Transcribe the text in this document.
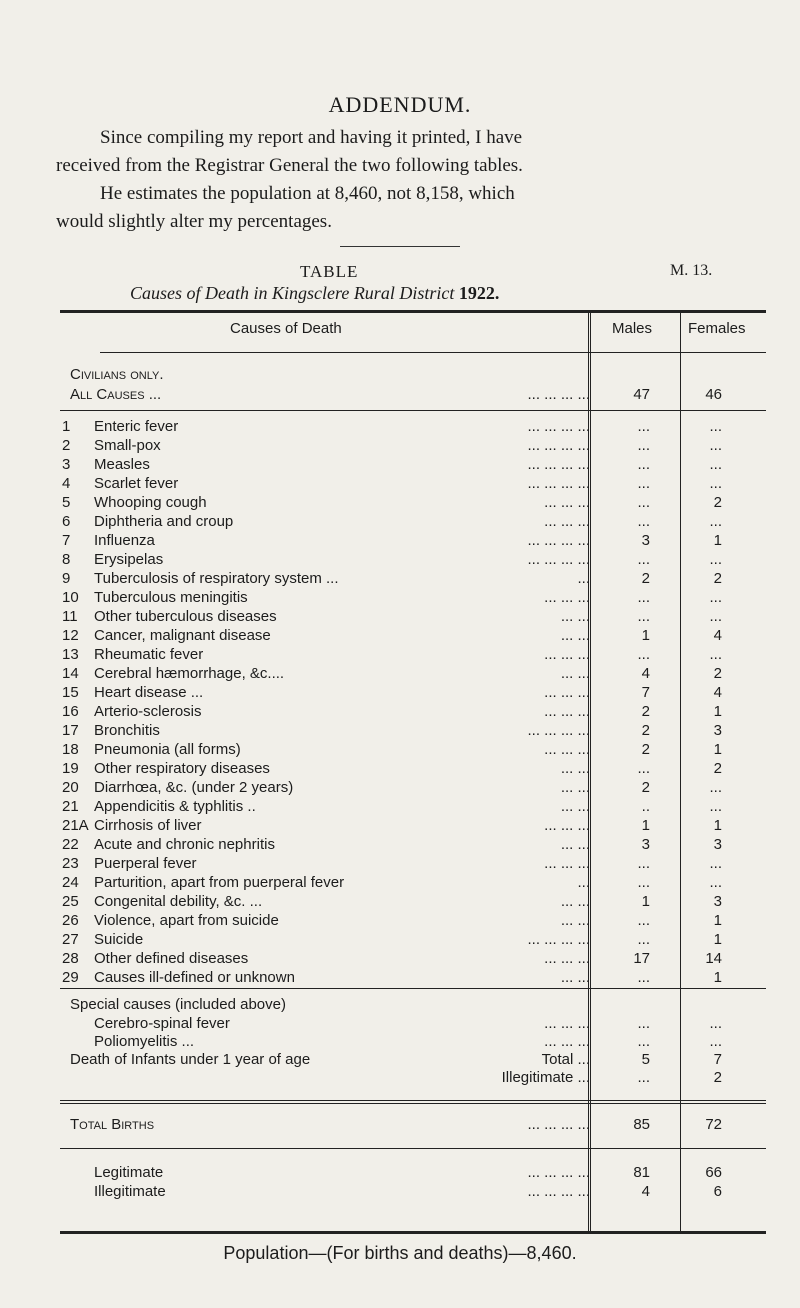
ADDENDUM.
Since compiling my report and having it printed, I have
received from the Registrar General the two following tables.
He estimates the population at 8,460, not 8,158, which
would slightly alter my percentages.
TABLE	M. 13.
Causes of Death in Kingsclere Rural District 1922.
Causes of Death	Males Females
Civilians only.
All Causes ...	... ... ... ...	47	46
1	Enteric fever	... ... ... ...	...	...
2	Small-pox	... ... ... ...	...	...
3	Measles	... ... ... ...	...	...
4	Scarlet fever	... ... ... ...	...	...
5	Whooping cough	... ... ...	...	2
6	Diphtheria and croup	... ... ...	...	...
7	Influenza	... ... ... ...	3	1
8	Erysipelas	... ... ... ...	...	...
9	Tuberculosis of respiratory system ...	...	2	2
10	Tuberculous meningitis	... ... ...	...	...
11	Other tuberculous diseases	... ...	...	...
12	Cancer, malignant disease	... ...	1	4
13	Rheumatic fever	... ... ...	...	...
14	Cerebral hæmorrhage, &c....	... ...	4	2
15	Heart disease ...	... ... ...	7	4
16	Arterio-sclerosis	... ... ...	2	1
17	Bronchitis	... ... ... ...	2	3
18	Pneumonia (all forms)	... ... ...	2	1
19	Other respiratory diseases	... ...	...	2
20	Diarrhœa, &c. (under 2 years)	... ...	2	...
21	Appendicitis & typhlitis ..	... ...	..	...
21A Cirrhosis of liver	... ... ...	1	1
22	Acute and chronic nephritis	... ...	3	3
23	Puerperal fever	... ... ...	...	...
24	Parturition, apart from puerperal fever	...	...	...
25	Congenital debility, &c. ...	... ...	1	3
26	Violence, apart from suicide	... ...	...	1
27	Suicide	... ... ... ...	...	1
28	Other defined diseases	... ... ...	17	14
29	Causes ill-defined or unknown	... ...	...	1
Special causes (included above)
Cerebro-spinal fever	... ... ...	...	...
Poliomyelitis ...	... ... ...	...	...
Death of Infants under 1 year of age	Total ...	5	7
Illegitimate ...	...	2
Total Births	... ... ... ...	85	72
Legitimate	... ... ... ...	81	66
Illegitimate	... ... ... ...	4	6
Population—(For births and deaths)—8,460.
